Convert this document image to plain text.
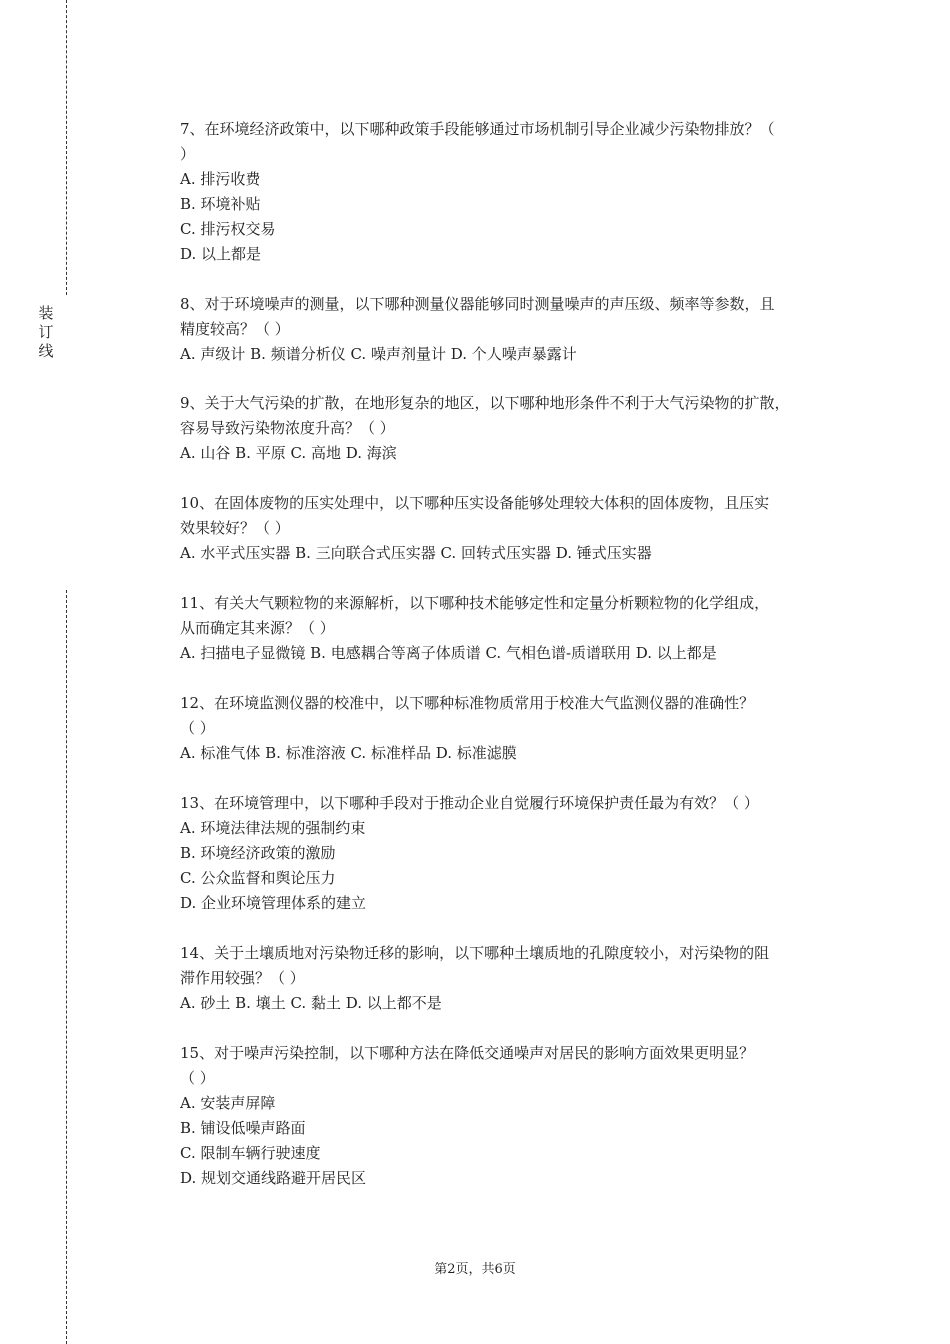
装订线
7、在环境经济政策中，以下哪种政策手段能够通过市场机制引导企业减少污染物排放？（
）
A. 排污收费
B. 环境补贴
C. 排污权交易
D. 以上都是
8、对于环境噪声的测量，以下哪种测量仪器能够同时测量噪声的声压级、频率等参数，且
精度较高？（ ）
A. 声级计 B. 频谱分析仪 C. 噪声剂量计 D. 个人噪声暴露计
9、关于大气污染的扩散，在地形复杂的地区，以下哪种地形条件不利于大气污染物的扩散，
容易导致污染物浓度升高？（ ）
A. 山谷 B. 平原 C. 高地 D. 海滨
10、在固体废物的压实处理中，以下哪种压实设备能够处理较大体积的固体废物，且压实
效果较好？（ ）
A. 水平式压实器 B. 三向联合式压实器 C. 回转式压实器 D. 锤式压实器
11、有关大气颗粒物的来源解析，以下哪种技术能够定性和定量分析颗粒物的化学组成，
从而确定其来源？（ ）
A. 扫描电子显微镜 B. 电感耦合等离子体质谱 C. 气相色谱-质谱联用 D. 以上都是
12、在环境监测仪器的校准中，以下哪种标准物质常用于校准大气监测仪器的准确性？
（ ）
A. 标准气体 B. 标准溶液 C. 标准样品 D. 标准滤膜
13、在环境管理中，以下哪种手段对于推动企业自觉履行环境保护责任最为有效？（ ）
A. 环境法律法规的强制约束
B. 环境经济政策的激励
C. 公众监督和舆论压力
D. 企业环境管理体系的建立
14、关于土壤质地对污染物迁移的影响，以下哪种土壤质地的孔隙度较小，对污染物的阻
滞作用较强？（ ）
A. 砂土 B. 壤土 C. 黏土 D. 以上都不是
15、对于噪声污染控制，以下哪种方法在降低交通噪声对居民的影响方面效果更明显？
（ ）
A. 安装声屏障
B. 铺设低噪声路面
C. 限制车辆行驶速度
D. 规划交通线路避开居民区
第2页，共6页
